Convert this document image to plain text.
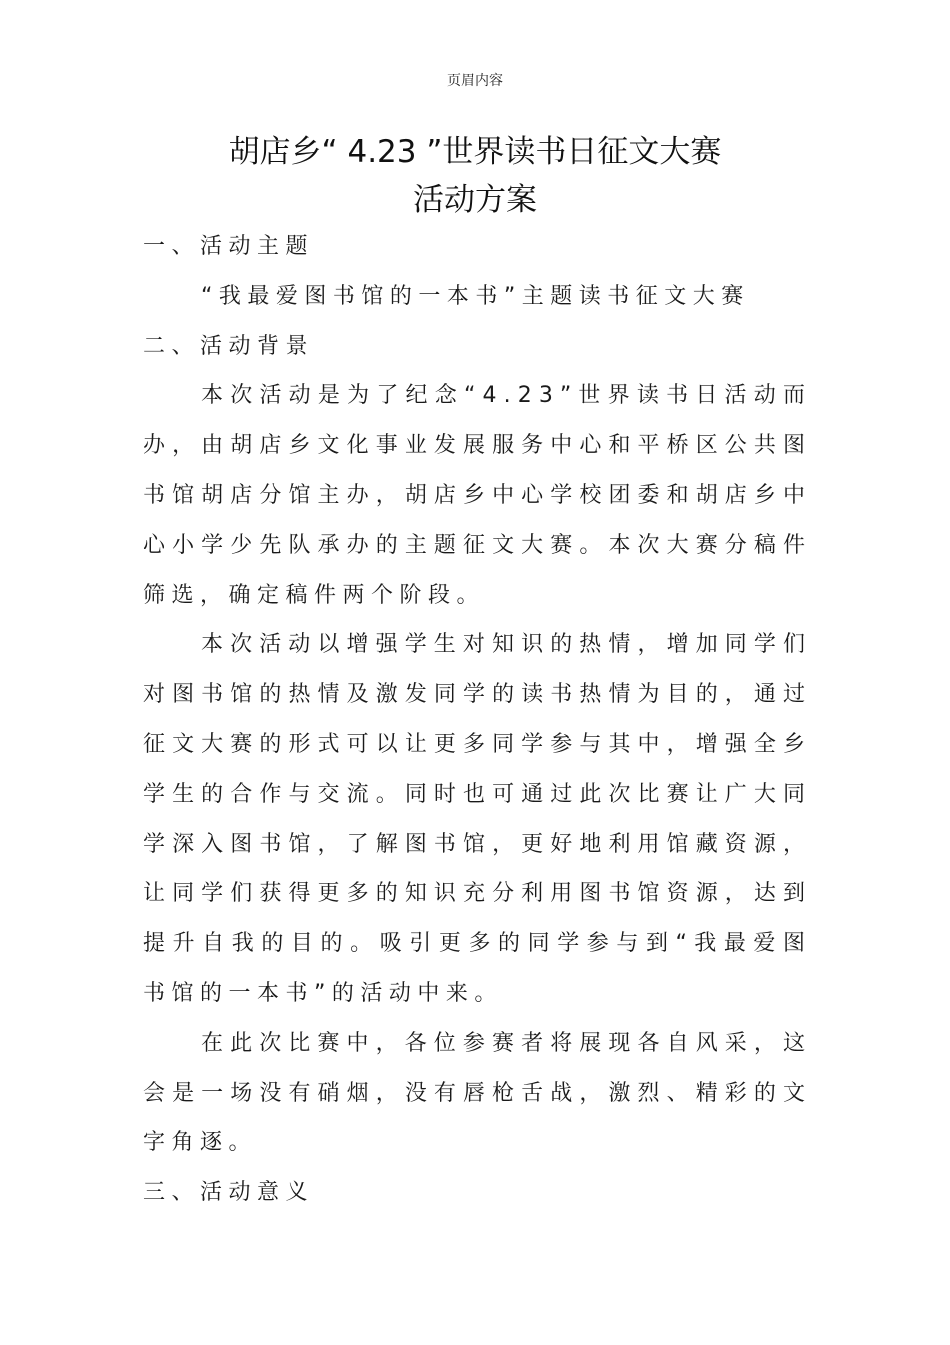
页眉内容
胡店乡“ 4.23 ”世界读书日征文大赛
活动方案
一、活动主题
“我最爱图书馆的一本书”主题读书征文大赛
二、活动背景
本 次 活 动 是 为 了 纪 念 “ 4 . 2 3 ” 世 界 读 书 日 活 动 而
办 ， 由 胡 店 乡 文 化 事 业 发 展 服 务 中 心 和 平 桥 区 公 共 图
书 馆 胡 店 分 馆 主 办 ， 胡 店 乡 中 心 学 校 团 委 和 胡 店 乡 中
心 小 学 少 先 队 承 办 的 主 题 征 文 大 赛 。 本 次 大 赛 分 稿 件
筛选，确定稿件两个阶段。
本 次 活 动 以 增 强 学 生 对 知 识 的 热 情 ， 增 加 同 学 们
对 图 书 馆 的 热 情 及 激 发 同 学 的 读 书 热 情 为 目 的 ， 通 过
征 文 大 赛 的 形 式 可 以 让 更 多 同 学 参 与 其 中 ， 增 强 全 乡
学 生 的 合 作 与 交 流 。 同 时 也 可 通 过 此 次 比 赛 让 广 大 同
学 深 入 图 书 馆 ， 了 解 图 书 馆 ， 更 好 地 利 用 馆 藏 资 源 ，
让 同 学 们 获 得 更 多 的 知 识 充 分 利 用 图 书 馆 资 源 ， 达 到
提 升 自 我 的 目 的 。 吸 引 更 多 的 同 学 参 与 到 “ 我 最 爱 图
书馆的一本书”的活动中来。
在 此 次 比 赛 中 ， 各 位 参 赛 者 将 展 现 各 自 风 采 ， 这
会 是 一 场 没 有 硝 烟 ， 没 有 唇 枪 舌 战 ， 激 烈 、 精 彩 的 文
字角逐。
三、活动意义
